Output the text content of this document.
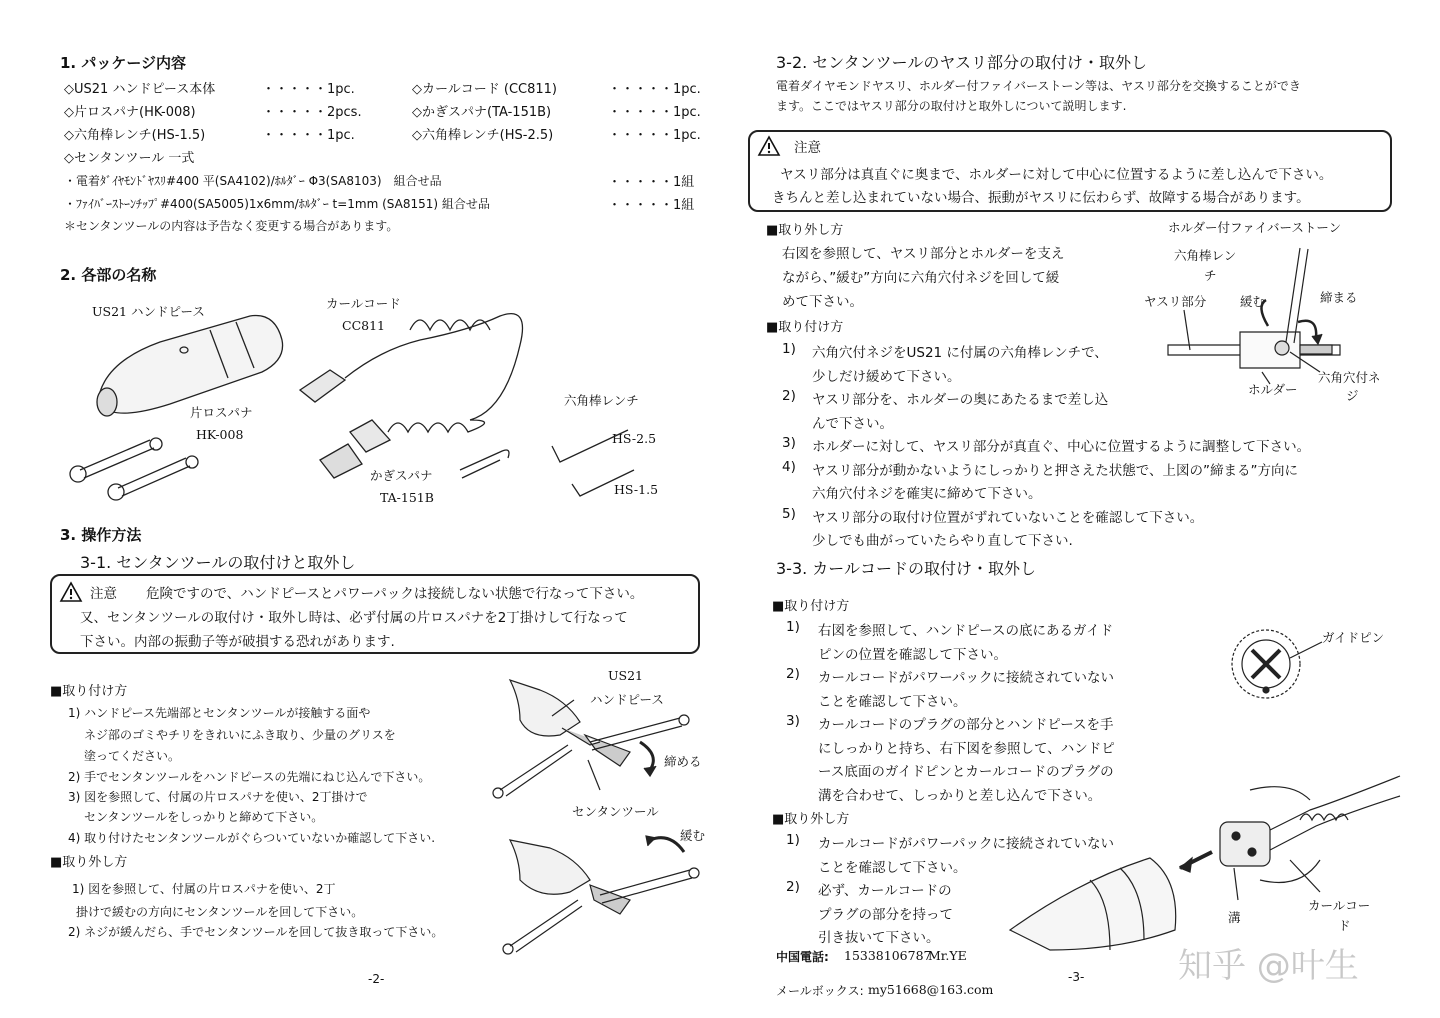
1. パッケージ内容
◇US21 ハンドピース本体	・・・・・1pc.	◇カールコード (CC811)	・・・・・1pc.
◇片ロスパナ(HK-008)	・・・・・2pcs.	◇かぎスパナ(TA-151B)	・・・・・1pc.
◇六角棒レンチ(HS-1.5)	・・・・・1pc.	◇六角棒レンチ(HS-2.5)	・・・・・1pc.
◇センタンツール 一式
・電着ﾀﾞｲﾔﾓﾝﾄﾞﾔｽﾘ#400 平(SA4102)/ﾎﾙﾀﾞｰ Φ3(SA8103)　組合せ品	・・・・・1組
・ﾌｧｲﾊﾞｰｽﾄｰﾝﾁｯﾌﾟ#400(SA5005)1x6mm/ﾎﾙﾀﾞｰ t=1mm (SA8151) 組合せ品	・・・・・1組
＊センタンツールの内容は予告なく変更する場合があります。
2. 各部の名称
US21 ハンドピース
カールコード
CC811
片ロスパナ
HK-008
六角棒レンチ
HS-2.5
HS-1.5
かぎスパナ
TA-151B
3. 操作方法
3-1. センタンツールの取付けと取外し
注意 危険ですので、ハンドピースとパワーパックは接続しない状態で行なって下さい。
又、センタンツールの取付け・取外し時は、必ず付属の片ロスパナを2丁掛けして行なって
下さい。内部の振動子等が破損する恐れがあります.
■取り付け方
1) ハンドピース先端部とセンタンツールが接触する面や
ネジ部のゴミやチリをきれいにふき取り、少量のグリスを
塗ってください。
2) 手でセンタンツールをハンドピースの先端にねじ込んで下さい。
3) 図を参照して、付属の片ロスパナを使い、2丁掛けで
センタンツールをしっかりと締めて下さい。
4) 取り付けたセンタンツールがぐらついていないか確認して下さい.
■取り外し方
1) 図を参照して、付属の片ロスパナを使い、2丁
掛けで緩むの方向にセンタンツールを回して下さい。
2) ネジが緩んだら、手でセンタンツールを回して抜き取って下さい。
US21
ハンドピース
締める
センタンツール
緩む
-2-
3-2. センタンツールのヤスリ部分の取付け・取外し
電着ダイヤモンドヤスリ、ホルダー付ファイバーストーン等は、ヤスリ部分を交換することができ
ます。ここではヤスリ部分の取付けと取外しについて説明します.
注意
ヤスリ部分は真直ぐに奥まで、ホルダーに対して中心に位置するように差し込んで下さい。
きちんと差し込まれていない場合、振動がヤスリに伝わらず、故障する場合があります。
■取り外し方
右図を参照して、ヤスリ部分とホルダーを支え
ながら、”緩む”方向に六角穴付ネジを回して緩
めて下さい。
■取り付け方
1) 六角穴付ネジをUS21 に付属の六角棒レンチで、
少しだけ緩めて下さい。
2) ヤスリ部分を、ホルダーの奥にあたるまで差し込
んで下さい。
3) ホルダーに対して、ヤスリ部分が真直ぐ、中心に位置するように調整して下さい。
4) ヤスリ部分が動かないようにしっかりと押さえた状態で、上図の”締まる”方向に
六角穴付ネジを確実に締めて下さい。
5) ヤスリ部分の取付け位置がずれていないことを確認して下さい。
少しでも曲がっていたらやり直して下さい.
ホルダー付ファイバーストーン
六角棒レン
チ
ヤスリ部分	緩む	締まる
ホルダー
六角穴付ネ
ジ
3-3. カールコードの取付け・取外し
■取り付け方
1) 右図を参照して、ハンドピースの底にあるガイド
ピンの位置を確認して下さい。
2) カールコードがパワーパックに接続されていない
ことを確認して下さい。
3) カールコードのプラグの部分とハンドピースを手
にしっかりと持ち、右下図を参照して、ハンドピ
ース底面のガイドピンとカールコードのプラグの
溝を合わせて、しっかりと差し込んで下さい。
■取り外し方
1) カールコードがパワーパックに接続されていない
ことを確認して下さい。
2) 必ず、カールコードの
プラグの部分を持って
引き抜いて下さい。
ガイドピン
溝
カールコー
ド
中国電話: 15338106787
Mr.YE
-3-
メールボックス: my51668@163.com
知乎 @叶生
